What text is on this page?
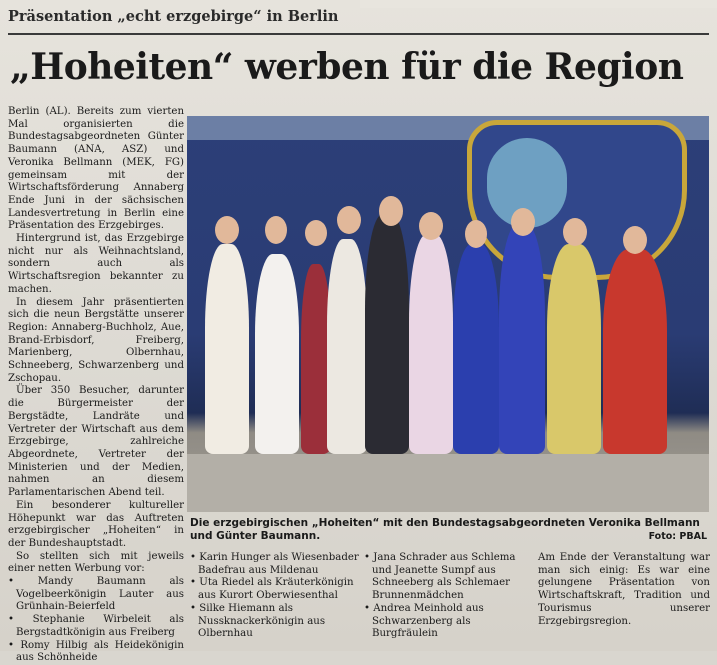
Präsentation „echt erzgebirge“ in Berlin
„Hoheiten“ werben für die Region

Berlin (AL). Bereits zum vierten Mal organisierten die Bundestagsabgeordneten Günter Baumann (ANA, ASZ) und Veronika Bellmann (MEK, FG) gemeinsam mit der Wirtschaftsförderung Annaberg Ende Juni in der sächsischen Landesvertretung in Berlin eine Präsentation des Erzgebirges.

Hintergrund ist, das Erzgebirge nicht nur als Weihnachtsland, sondern auch als Wirtschaftsregion bekannter zu machen.

In diesem Jahr präsentierten sich die neun Bergstätte unserer Region: Annaberg-Buchholz, Aue, Brand-Erbisdorf, Freiberg, Marienberg, Olbernhau, Schneeberg, Schwarzenberg und Zschopau.

Über 350 Besucher, darunter die Bürgermeister der Bergstädte, Landräte und Vertreter der Wirtschaft aus dem Erzgebirge, zahlreiche Abgeordnete, Vertreter der Ministerien und der Medien, nahmen an diesem Parlamentarischen Abend teil.

Ein besonderer kultureller Höhepunkt war das Auftreten erzgebirgischer „Hoheiten“ in der Bundeshauptstadt.

So stellten sich mit jeweils einer netten Werbung vor:

• Mandy Baumann als Vogelbeerkönigin Lauter aus Grünhain-Beierfeld
• Stephanie Wirbeleit als Bergstadtkönigin aus Freiberg
• Romy Hilbig als Heidekönigin aus Schönheide
Die erzgebirgischen „Hoheiten“ mit den Bundestagsabgeordneten Veronika Bellmann und Günter Baumann.	Foto: PBAL
• Karin Hunger als Wiesenbader Badefrau aus Mildenau
• Uta Riedel als Kräuterkönigin aus Kurort Oberwiesenthal
• Silke Hiemann als Nussknackerkönigin aus Olbernhau
• Jana Schrader aus Schlema und Jeanette Sumpf aus Schneeberg als Schlemaer Brunnenmädchen
• Andrea Meinhold aus Schwarzenberg als Burgfräulein
Am Ende der Veranstaltung war man sich einig: Es war eine gelungene Präsentation von Wirtschaftskraft, Tradition und Tourismus unserer Erzgebirgsregion.
